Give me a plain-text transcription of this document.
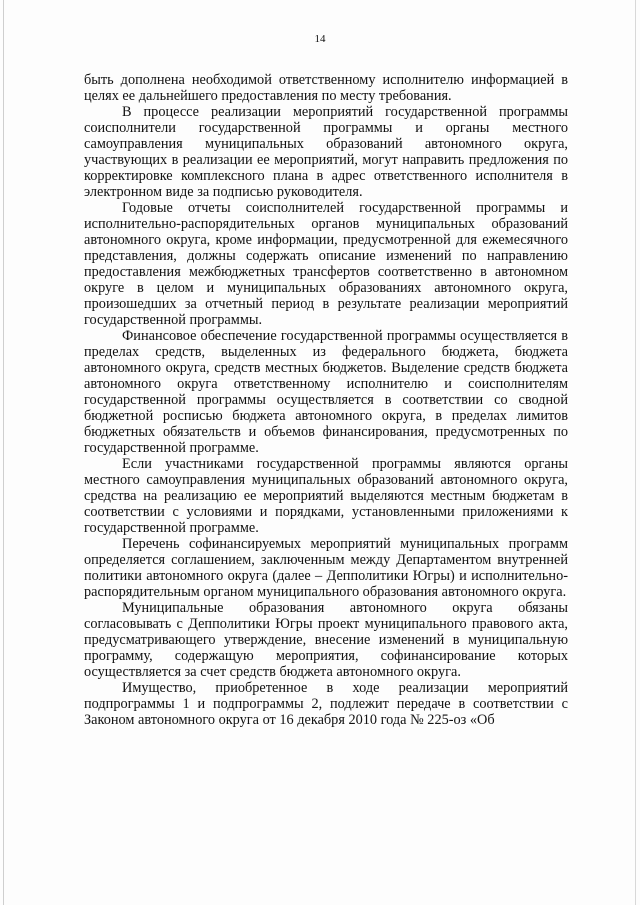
14

быть дополнена необходимой ответственному исполнителю информацией в целях ее дальнейшего предоставления по месту требования.

В процессе реализации мероприятий государственной программы соисполнители государственной программы и органы местного самоуправления муниципальных образований автономного округа, участвующих в реализации ее мероприятий, могут направить предложения по корректировке комплексного плана в адрес ответственного исполнителя в электронном виде за подписью руководителя.

Годовые отчеты соисполнителей государственной программы и исполнительно-распорядительных органов муниципальных образований автономного округа, кроме информации, предусмотренной для ежемесячного представления, должны содержать описание изменений по направлению предоставления межбюджетных трансфертов соответственно в автономном округе в целом и муниципальных образованиях автономного округа, произошедших за отчетный период в результате реализации мероприятий государственной программы.

Финансовое обеспечение государственной программы осуществляется в пределах средств, выделенных из федерального бюджета, бюджета автономного округа, средств местных бюджетов. Выделение средств бюджета автономного округа ответственному исполнителю и соисполнителям государственной программы осуществляется в соответствии со сводной бюджетной росписью бюджета автономного округа, в пределах лимитов бюджетных обязательств и объемов финансирования, предусмотренных по государственной программе.

Если участниками государственной программы являются органы местного самоуправления муниципальных образований автономного округа, средства на реализацию ее мероприятий выделяются местным бюджетам в соответствии с условиями и порядками, установленными приложениями к государственной программе.

Перечень софинансируемых мероприятий муниципальных программ определяется соглашением, заключенным между Департаментом внутренней политики автономного округа (далее – Депполитики Югры) и исполнительно-распорядительным органом муниципального образования автономного округа.

Муниципальные образования автономного округа обязаны согласовывать с Депполитики Югры проект муниципального правового акта, предусматривающего утверждение, внесение изменений в муниципальную программу, содержащую мероприятия, софинансирование которых осуществляется за счет средств бюджета автономного округа.

Имущество, приобретенное в ходе реализации мероприятий подпрограммы 1 и подпрограммы 2, подлежит передаче в соответствии с Законом автономного округа от 16 декабря 2010 года № 225-оз «Об
